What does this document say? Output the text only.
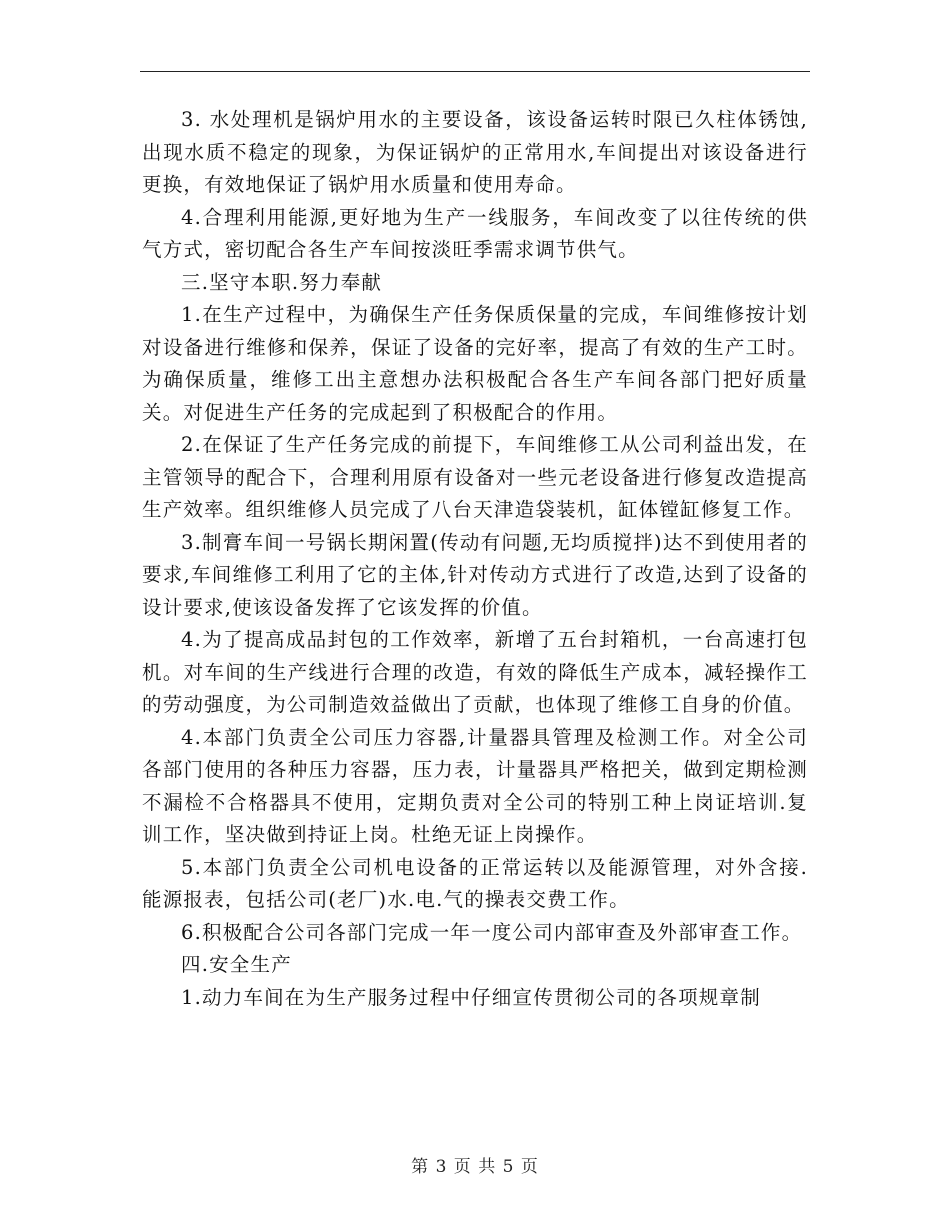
3. 水处理机是锅炉用水的主要设备，该设备运转时限已久柱体锈蚀,出现水质不稳定的现象，为保证锅炉的正常用水,车间提出对该设备进行更换，有效地保证了锅炉用水质量和使用寿命。

4.合理利用能源,更好地为生产一线服务，车间改变了以往传统的供气方式，密切配合各生产车间按淡旺季需求调节供气。

三.坚守本职.努力奉献

1.在生产过程中，为确保生产任务保质保量的完成，车间维修按计划对设备进行维修和保养，保证了设备的完好率，提高了有效的生产工时。为确保质量，维修工出主意想办法积极配合各生产车间各部门把好质量关。对促进生产任务的完成起到了积极配合的作用。

2.在保证了生产任务完成的前提下，车间维修工从公司利益出发，在主管领导的配合下，合理利用原有设备对一些元老设备进行修复改造提高生产效率。组织维修人员完成了八台天津造袋装机，缸体镗缸修复工作。

3.制膏车间一号锅长期闲置(传动有问题,无均质搅拌)达不到使用者的要求,车间维修工利用了它的主体,针对传动方式进行了改造,达到了设备的设计要求,使该设备发挥了它该发挥的价值。

4.为了提高成品封包的工作效率，新增了五台封箱机，一台高速打包机。对车间的生产线进行合理的改造，有效的降低生产成本，减轻操作工的劳动强度，为公司制造效益做出了贡献，也体现了维修工自身的价值。

4.本部门负责全公司压力容器,计量器具管理及检测工作。对全公司各部门使用的各种压力容器，压力表，计量器具严格把关，做到定期检测不漏检不合格器具不使用，定期负责对全公司的特别工种上岗证培训.复训工作，坚决做到持证上岗。杜绝无证上岗操作。

5.本部门负责全公司机电设备的正常运转以及能源管理，对外含接.能源报表，包括公司(老厂)水.电.气的操表交费工作。

6.积极配合公司各部门完成一年一度公司内部审查及外部审查工作。

四.安全生产

1.动力车间在为生产服务过程中仔细宣传贯彻公司的各项规章制

第 3 页 共 5 页
